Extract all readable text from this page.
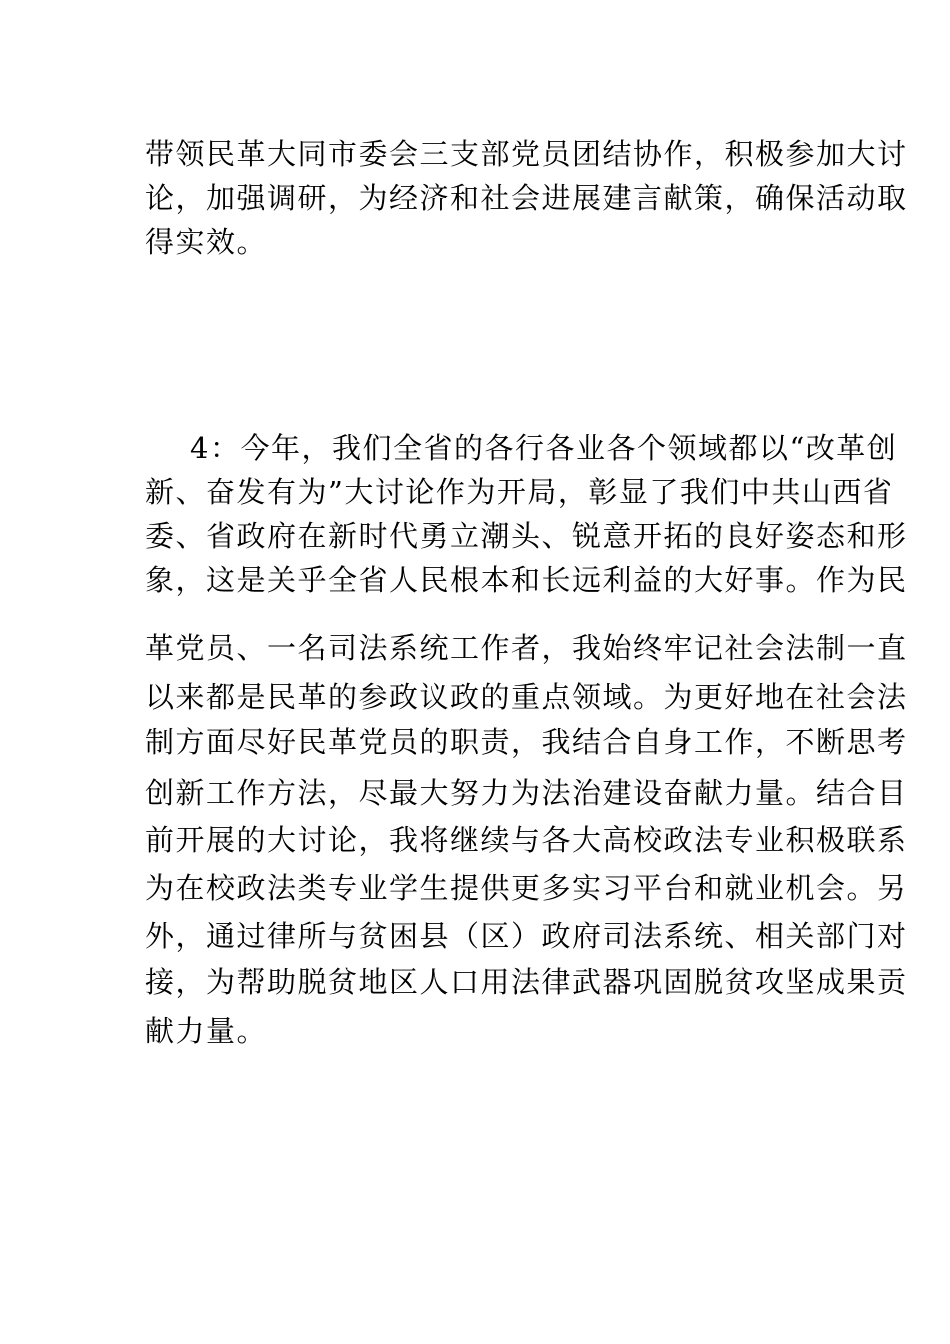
带领民革大同市委会三支部党员团结协作，积极参加大讨

论，加强调研，为经济和社会进展建言献策，确保活动取

得实效。

4：今年，我们全省的各行各业各个领域都以“改革创

新、奋发有为”大讨论作为开局，彰显了我们中共山西省

委、省政府在新时代勇立潮头、锐意开拓的良好姿态和形

象，这是关乎全省人民根本和长远利益的大好事。作为民

革党员、一名司法系统工作者，我始终牢记社会法制一直

以来都是民革的参政议政的重点领域。为更好地在社会法

制方面尽好民革党员的职责，我结合自身工作，不断思考

创新工作方法，尽最大努力为法治建设奋献力量。结合目

前开展的大讨论，我将继续与各大高校政法专业积极联系

为在校政法类专业学生提供更多实习平台和就业机会。另

外，通过律所与贫困县（区）政府司法系统、相关部门对

接，为帮助脱贫地区人口用法律武器巩固脱贫攻坚成果贡

献力量。
